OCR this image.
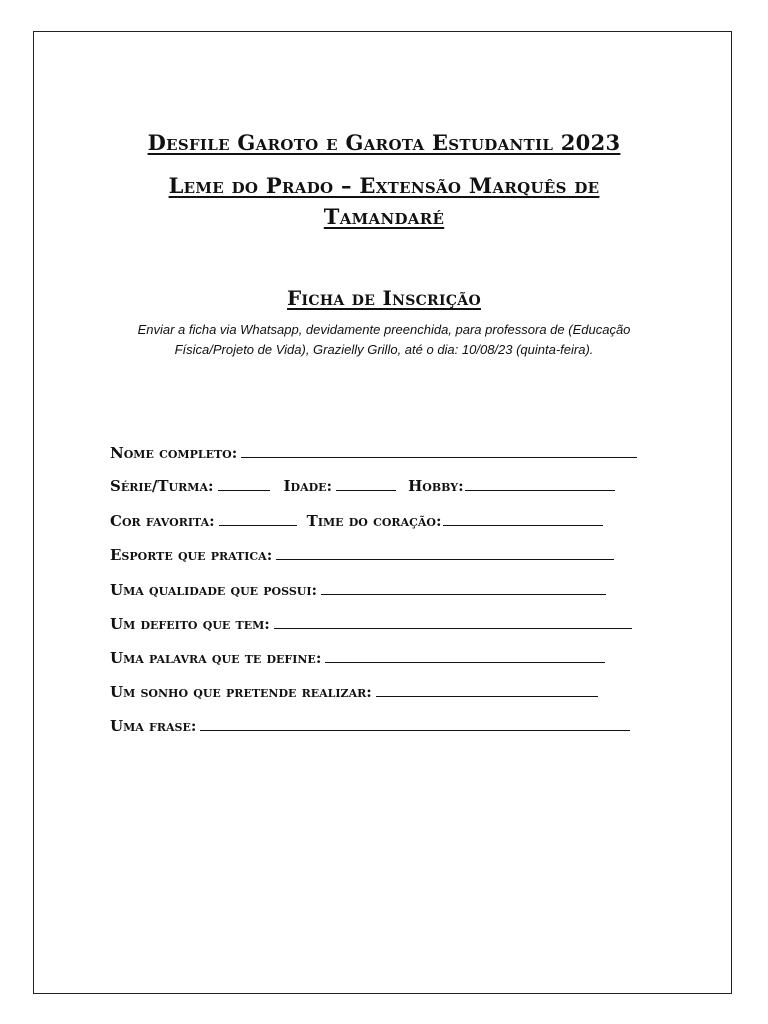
Desfile Garoto e Garota Estudantil 2023
Leme do Prado – Extensão Marquês de
Tamandaré
Ficha de Inscrição
Enviar a ficha via Whatsapp, devidamente preenchida, para professora de (Educação
Física/Projeto de Vida), Grazielly Grillo, até o dia: 10/08/23 (quinta-feira).
Nome completo:
Série/Turma:	Idade:	Hobby:
Cor favorita:	Time do coração:
Esporte que pratica:
Uma qualidade que possui:
Um defeito que tem:
Uma palavra que te define:
Um sonho que pretende realizar:
Uma frase:
